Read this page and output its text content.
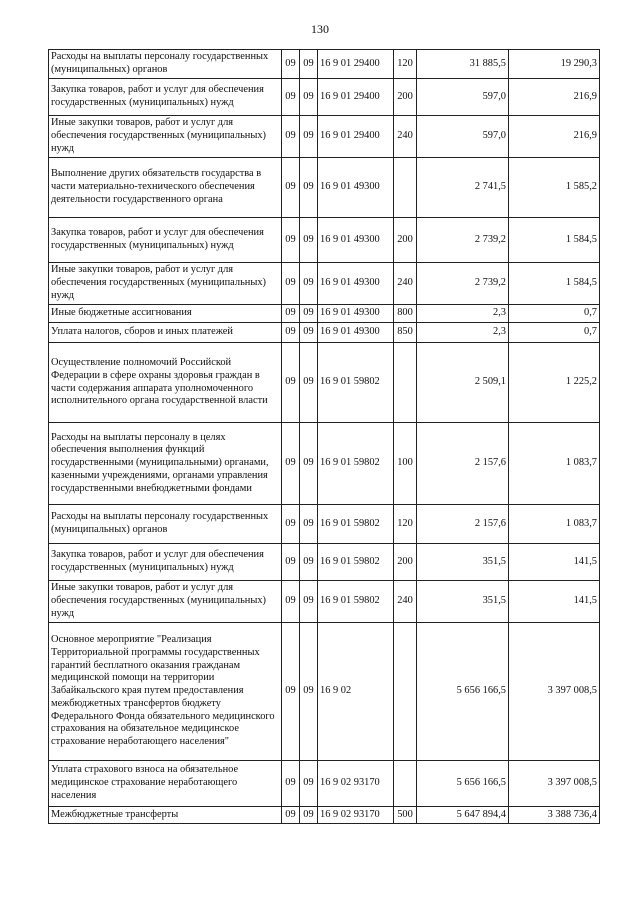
130
Расходы на выплаты персоналу государственных (муниципальных) органов	09	09	16 9 01 29400	120	31 885,5	19 290,3
Закупка товаров, работ и услуг для обеспечения государственных (муниципальных) нужд	09	09	16 9 01 29400	200	597,0	216,9
Иные закупки товаров, работ и услуг для обеспечения государственных (муниципальных) нужд	09	09	16 9 01 29400	240	597,0	216,9
Выполнение других обязательств государства в части материально-технического обеспечения деятельности государственного органа	09	09	16 9 01 49300		2 741,5	1 585,2
Закупка товаров, работ и услуг для обеспечения государственных (муниципальных) нужд	09	09	16 9 01 49300	200	2 739,2	1 584,5
Иные закупки товаров, работ и услуг для обеспечения государственных (муниципальных) нужд	09	09	16 9 01 49300	240	2 739,2	1 584,5
Иные бюджетные ассигнования	09	09	16 9 01 49300	800	2,3	0,7
Уплата налогов, сборов и иных платежей	09	09	16 9 01 49300	850	2,3	0,7
Осуществление полномочий Российской Федерации в сфере охраны здоровья граждан в части содержания аппарата уполномоченного исполнительного органа государственной власти	09	09	16 9 01 59802		2 509,1	1 225,2
Расходы на выплаты персоналу в целях обеспечения выполнения функций государственными (муниципальными) органами, казенными учреждениями, органами управления государственными внебюджетными фондами	09	09	16 9 01 59802	100	2 157,6	1 083,7
Расходы на выплаты персоналу государственных (муниципальных) органов	09	09	16 9 01 59802	120	2 157,6	1 083,7
Закупка товаров, работ и услуг для обеспечения государственных (муниципальных) нужд	09	09	16 9 01 59802	200	351,5	141,5
Иные закупки товаров, работ и услуг для обеспечения государственных (муниципальных) нужд	09	09	16 9 01 59802	240	351,5	141,5
Основное мероприятие "Реализация Территориальной программы государственных гарантий бесплатного оказания гражданам медицинской помощи на территории Забайкальского края путем предоставления межбюджетных трансфертов бюджету Федерального Фонда обязательного медицинского страхования на обязательное медицинское страхование неработающего населения"	09	09	16 9 02		5 656 166,5	3 397 008,5
Уплата страхового взноса на обязательное медицинское страхование неработающего населения	09	09	16 9 02 93170		5 656 166,5	3 397 008,5
Межбюджетные трансферты	09	09	16 9 02 93170	500	5 647 894,4	3 388 736,4
